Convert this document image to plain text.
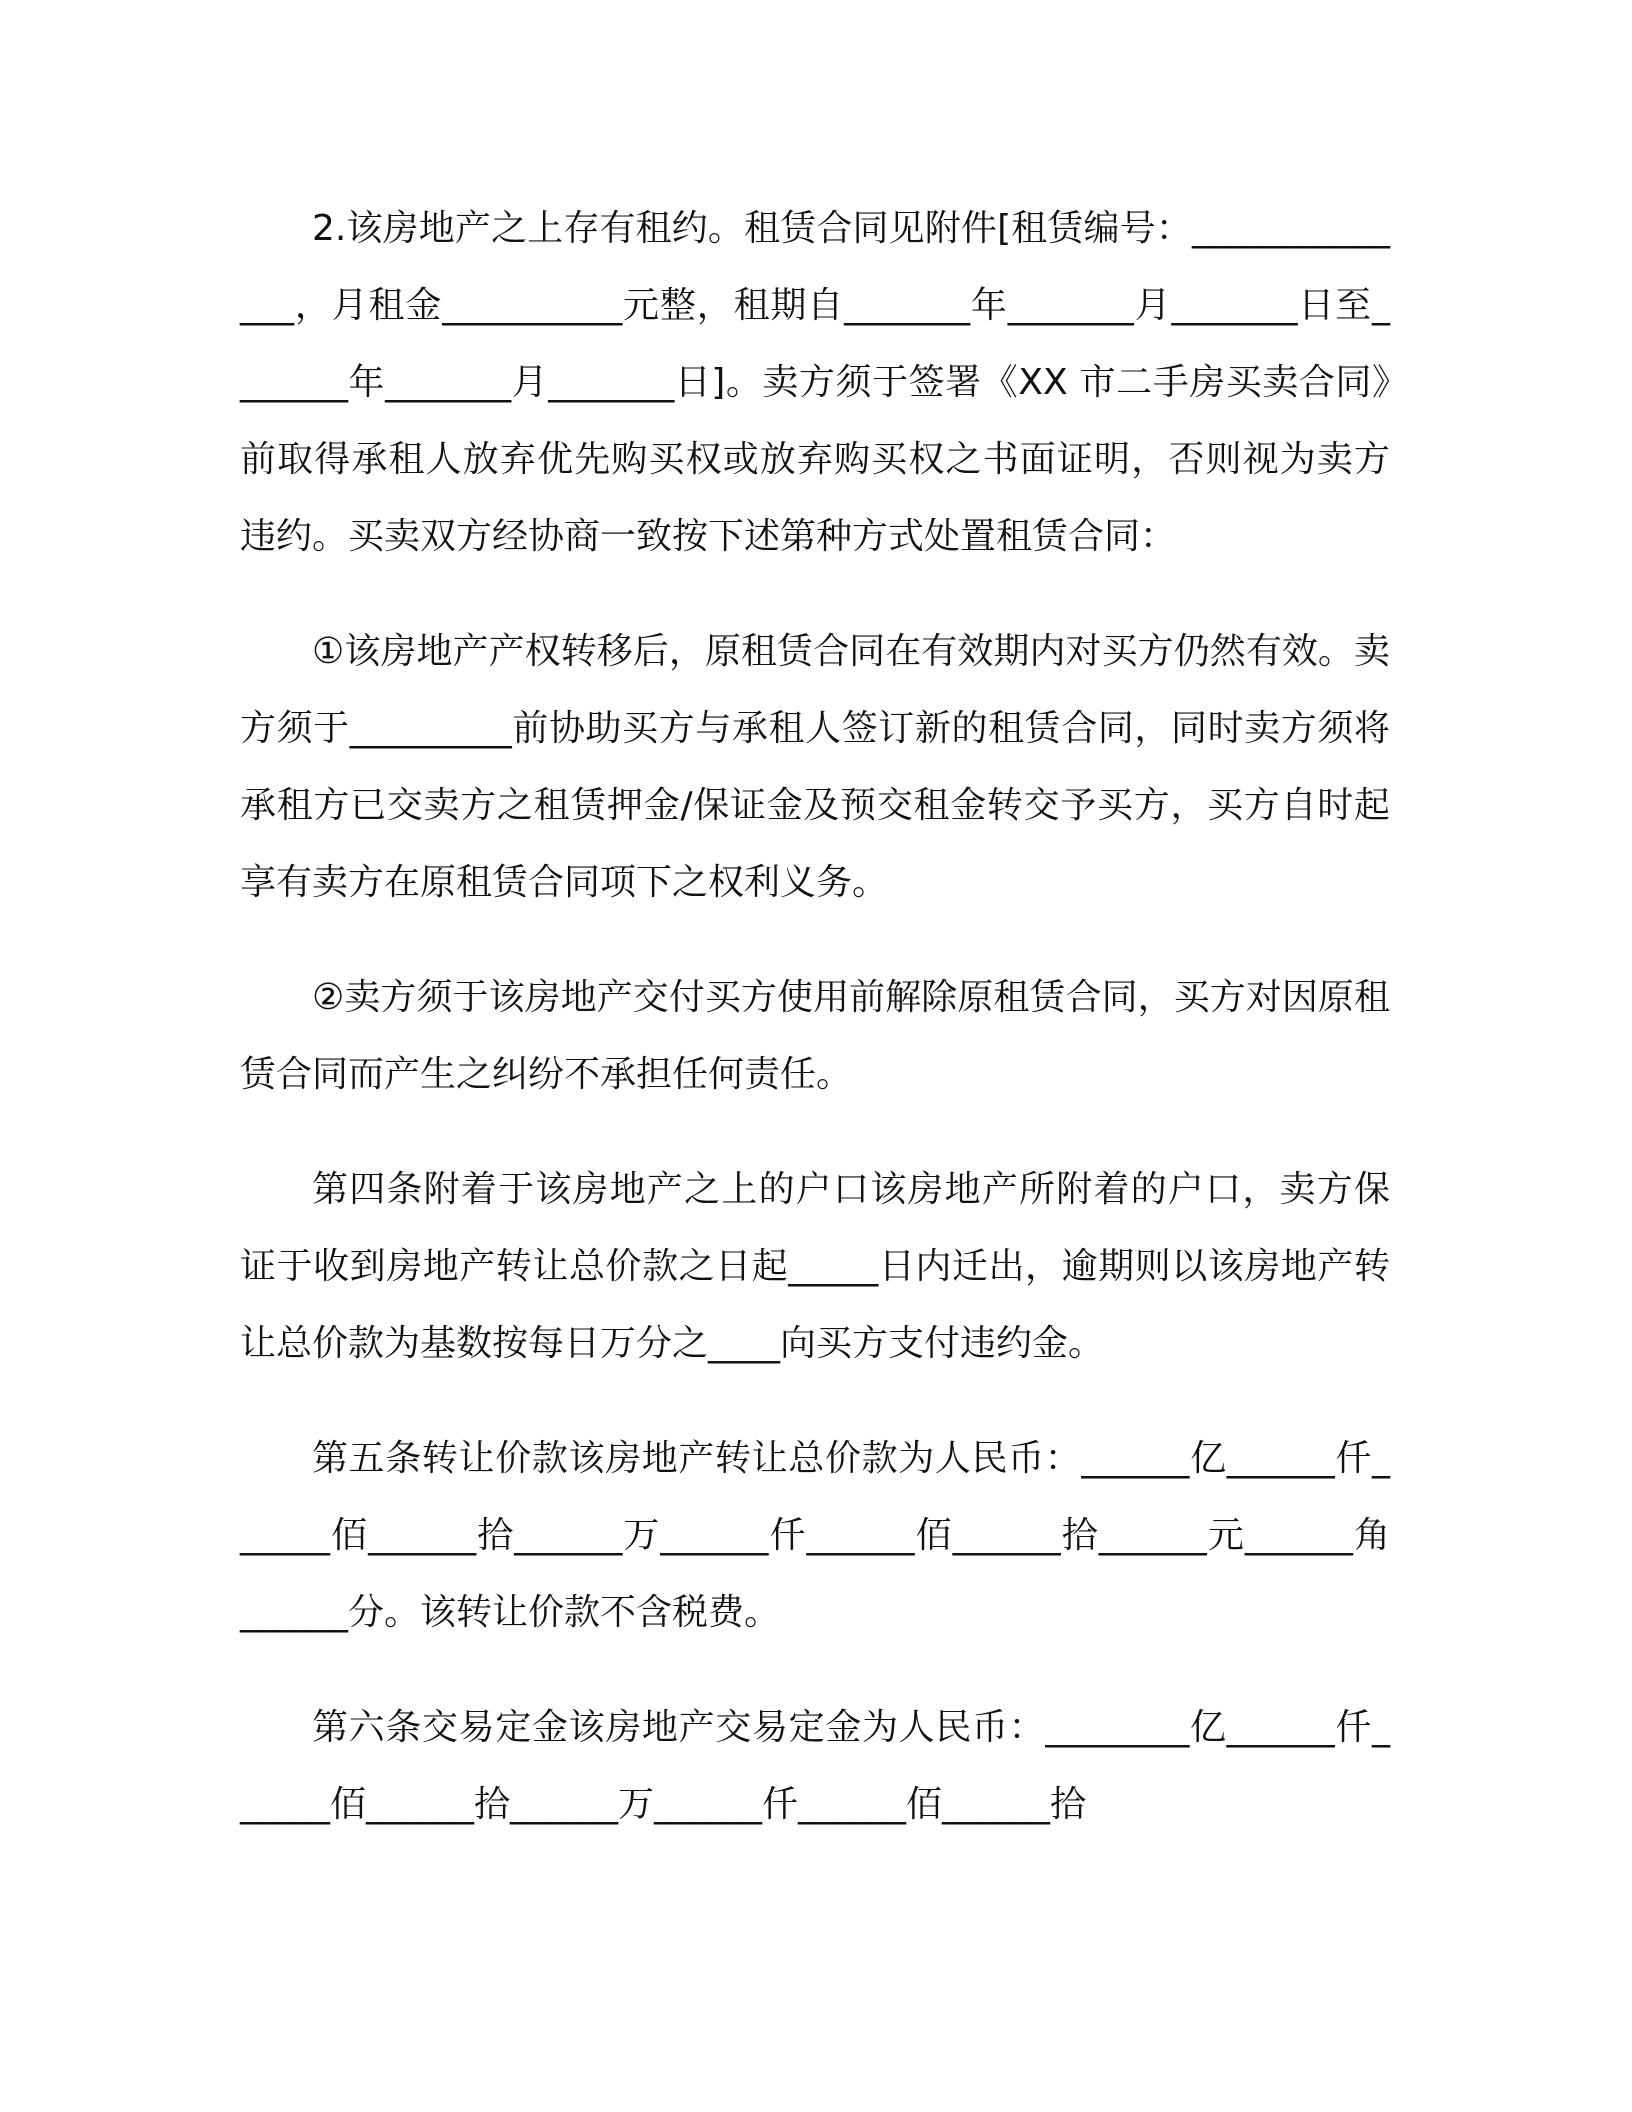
2.该房地产之上存有租约。租赁合同见附件[租赁编号：______________，月租金__________元整，租期自_______年_______月_______日至_______年_______月_______日]。卖方须于签署《XX 市二手房买卖合同》前取得承租人放弃优先购买权或放弃购买权之书面证明，否则视为卖方违约。买卖双方经协商一致按下述第种方式处置租赁合同：

①该房地产产权转移后，原租赁合同在有效期内对买方仍然有效。卖方须于_________前协助买方与承租人签订新的租赁合同，同时卖方须将承租方已交卖方之租赁押金/保证金及预交租金转交予买方，买方自时起享有卖方在原租赁合同项下之权利义务。

②卖方须于该房地产交付买方使用前解除原租赁合同，买方对因原租赁合同而产生之纠纷不承担任何责任。

第四条附着于该房地产之上的户口该房地产所附着的户口，卖方保证于收到房地产转让总价款之日起_____日内迁出，逾期则以该房地产转让总价款为基数按每日万分之____向买方支付违约金。

第五条转让价款该房地产转让总价款为人民币：______亿______仟______佰______拾______万______仟______佰______拾______元______角______分。该转让价款不含税费。

第六条交易定金该房地产交易定金为人民币：________亿______仟______佰______拾______万______仟______佰______拾
